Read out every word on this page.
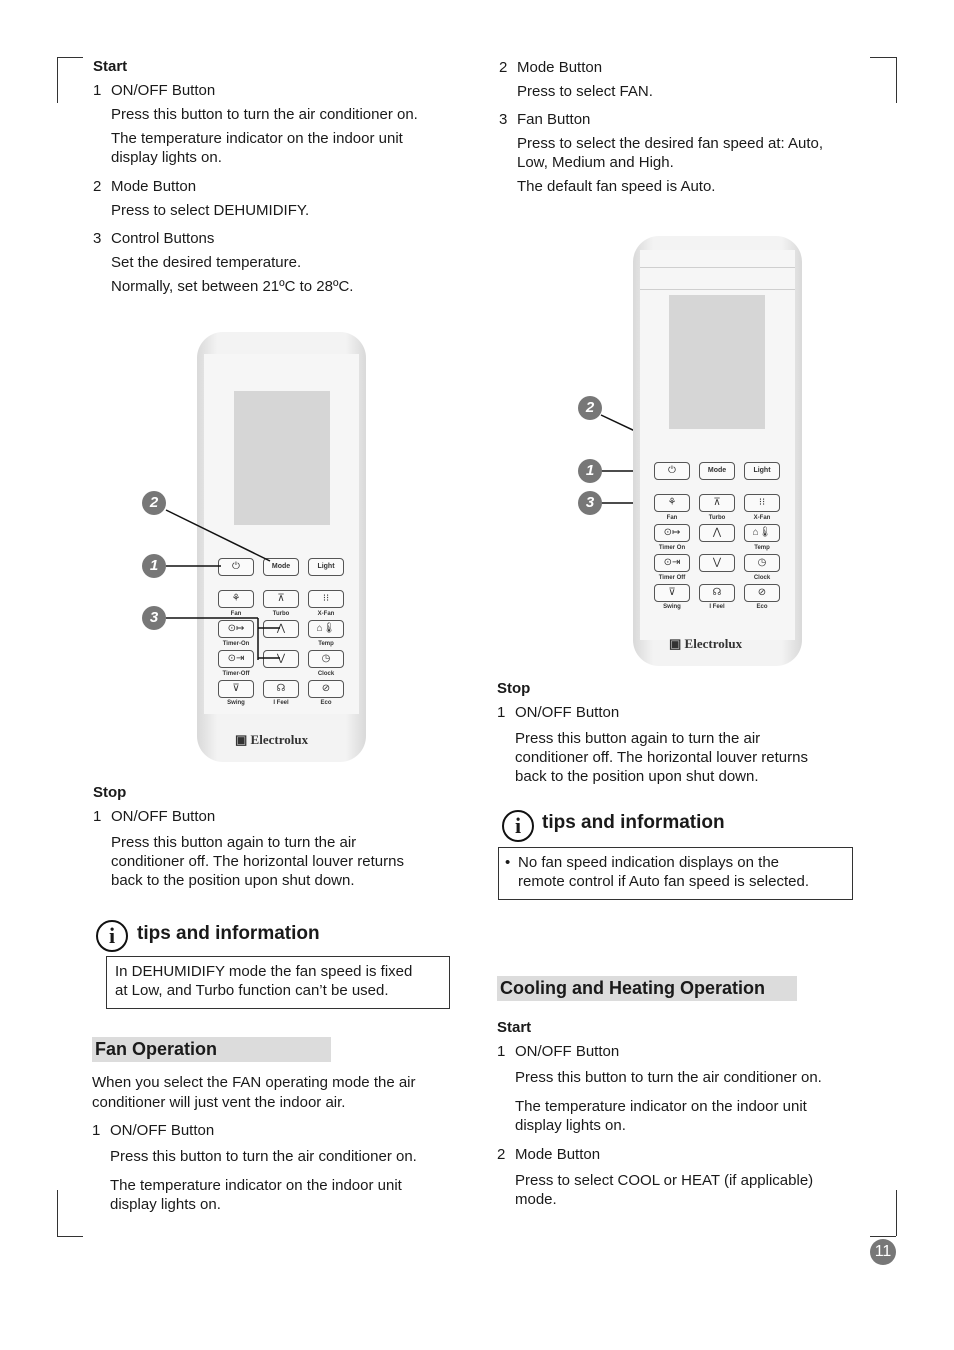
Start
1 ON/OFF Button
Press this button to turn the air conditioner on.
The temperature indicator on the indoor unit
display lights on.
2 Mode Button
Press to select DEHUMIDIFY.
3 Control Buttons
Set the desired temperature.
Normally, set between 21ºC to 28ºC.
⏻	Mode	Light
⚘	⊼	⁝⁝
Fan	Turbo	X-Fan
⊙↦	⋀	⌂🌡
Timer-On	Temp
⊙⇥	⋁	◷
Timer-Off	Clock
⊽	☊	⊘
Swing	I Feel	Eco
▣ Electrolux
2
1
3
Stop
1 ON/OFF Button
Press this button again to turn the air
conditioner off. The horizontal louver returns
back to the position upon shut down.
i	tips and information
In DEHUMIDIFY mode the fan speed is fixed
at Low, and Turbo function can’t be used.
Fan Operation
When you select the FAN operating mode the air
conditioner will just vent the indoor air.
1 ON/OFF Button
Press this button to turn the air conditioner on.
The temperature indicator on the indoor unit
display lights on.
2 Mode Button
Press to select FAN.
3 Fan Button
Press to select the desired fan speed at: Auto,
Low, Medium and High.
The default fan speed is Auto.
⏻	Mode	Light
⚘	⊼	⁝⁝
Fan	Turbo	X-Fan
⊙↦	⋀	⌂🌡
Timer On	Temp
⊙⇥	⋁	◷
Timer Off	Clock
⊽	☊	⊘
Swing	I Feel	Eco
▣ Electrolux
2
1
3
Stop
1 ON/OFF Button
Press this button again to turn the air
conditioner off. The horizontal louver returns
back to the position upon shut down.
i	tips and information
• No fan speed indication displays on the
remote control if Auto fan speed is selected.
Cooling and Heating Operation
Start
1 ON/OFF Button
Press this button to turn the air conditioner on.
The temperature indicator on the indoor unit
display lights on.
2 Mode Button
Press to select COOL or HEAT (if applicable)
mode.
11
